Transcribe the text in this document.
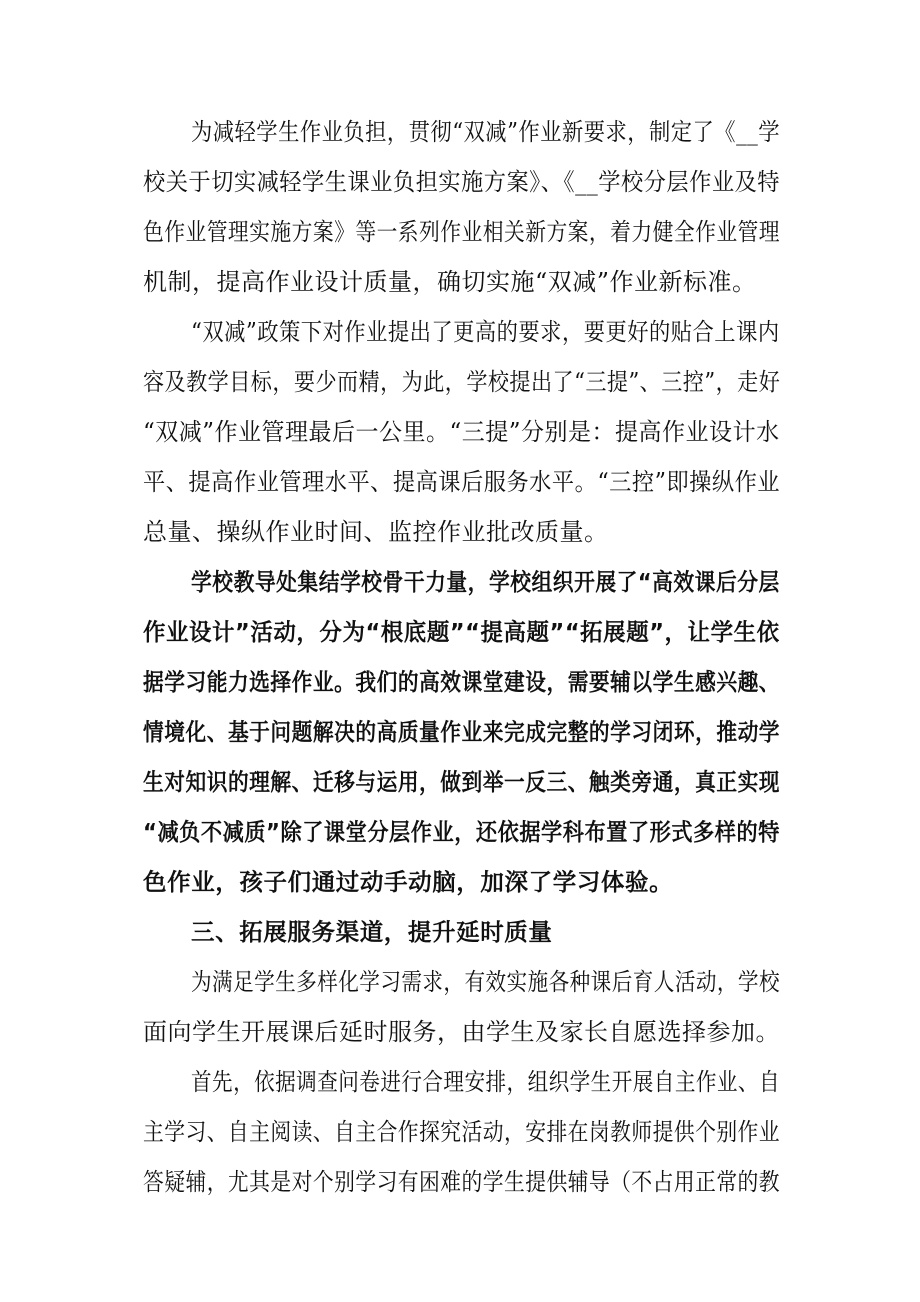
为减轻学生作业负担，贯彻“双减”作业新要求，制定了《__学
校关于切实减轻学生课业负担实施方案》、《__学校分层作业及特
色作业管理实施方案》等一系列作业相关新方案，着力健全作业管理
机制，提高作业设计质量，确切实施“双减”作业新标准。
“双减”政策下对作业提出了更高的要求，要更好的贴合上课内
容及教学目标，要少而精，为此，学校提出了“三提”、三控”，走好
“双减”作业管理最后一公里。“三提”分别是：提高作业设计水
平、提高作业管理水平、提高课后服务水平。“三控”即操纵作业
总量、操纵作业时间、监控作业批改质量。
学校教导处集结学校骨干力量，学校组织开展了“高效课后分层
作业设计”活动，分为“根底题”“提高题”“拓展题”，让学生依
据学习能力选择作业。我们的高效课堂建设，需要辅以学生感兴趣、
情境化、基于问题解决的高质量作业来完成完整的学习闭环，推动学
生对知识的理解、迁移与运用，做到举一反三、触类旁通，真正实现
“减负不减质”除了课堂分层作业，还依据学科布置了形式多样的特
色作业，孩子们通过动手动脑，加深了学习体验。
三、拓展服务渠道，提升延时质量
为满足学生多样化学习需求，有效实施各种课后育人活动，学校
面向学生开展课后延时服务，由学生及家长自愿选择参加。
首先，依据调查问卷进行合理安排，组织学生开展自主作业、自
主学习、自主阅读、自主合作探究活动，安排在岗教师提供个别作业
答疑辅，尤其是对个别学习有困难的学生提供辅导（不占用正常的教
